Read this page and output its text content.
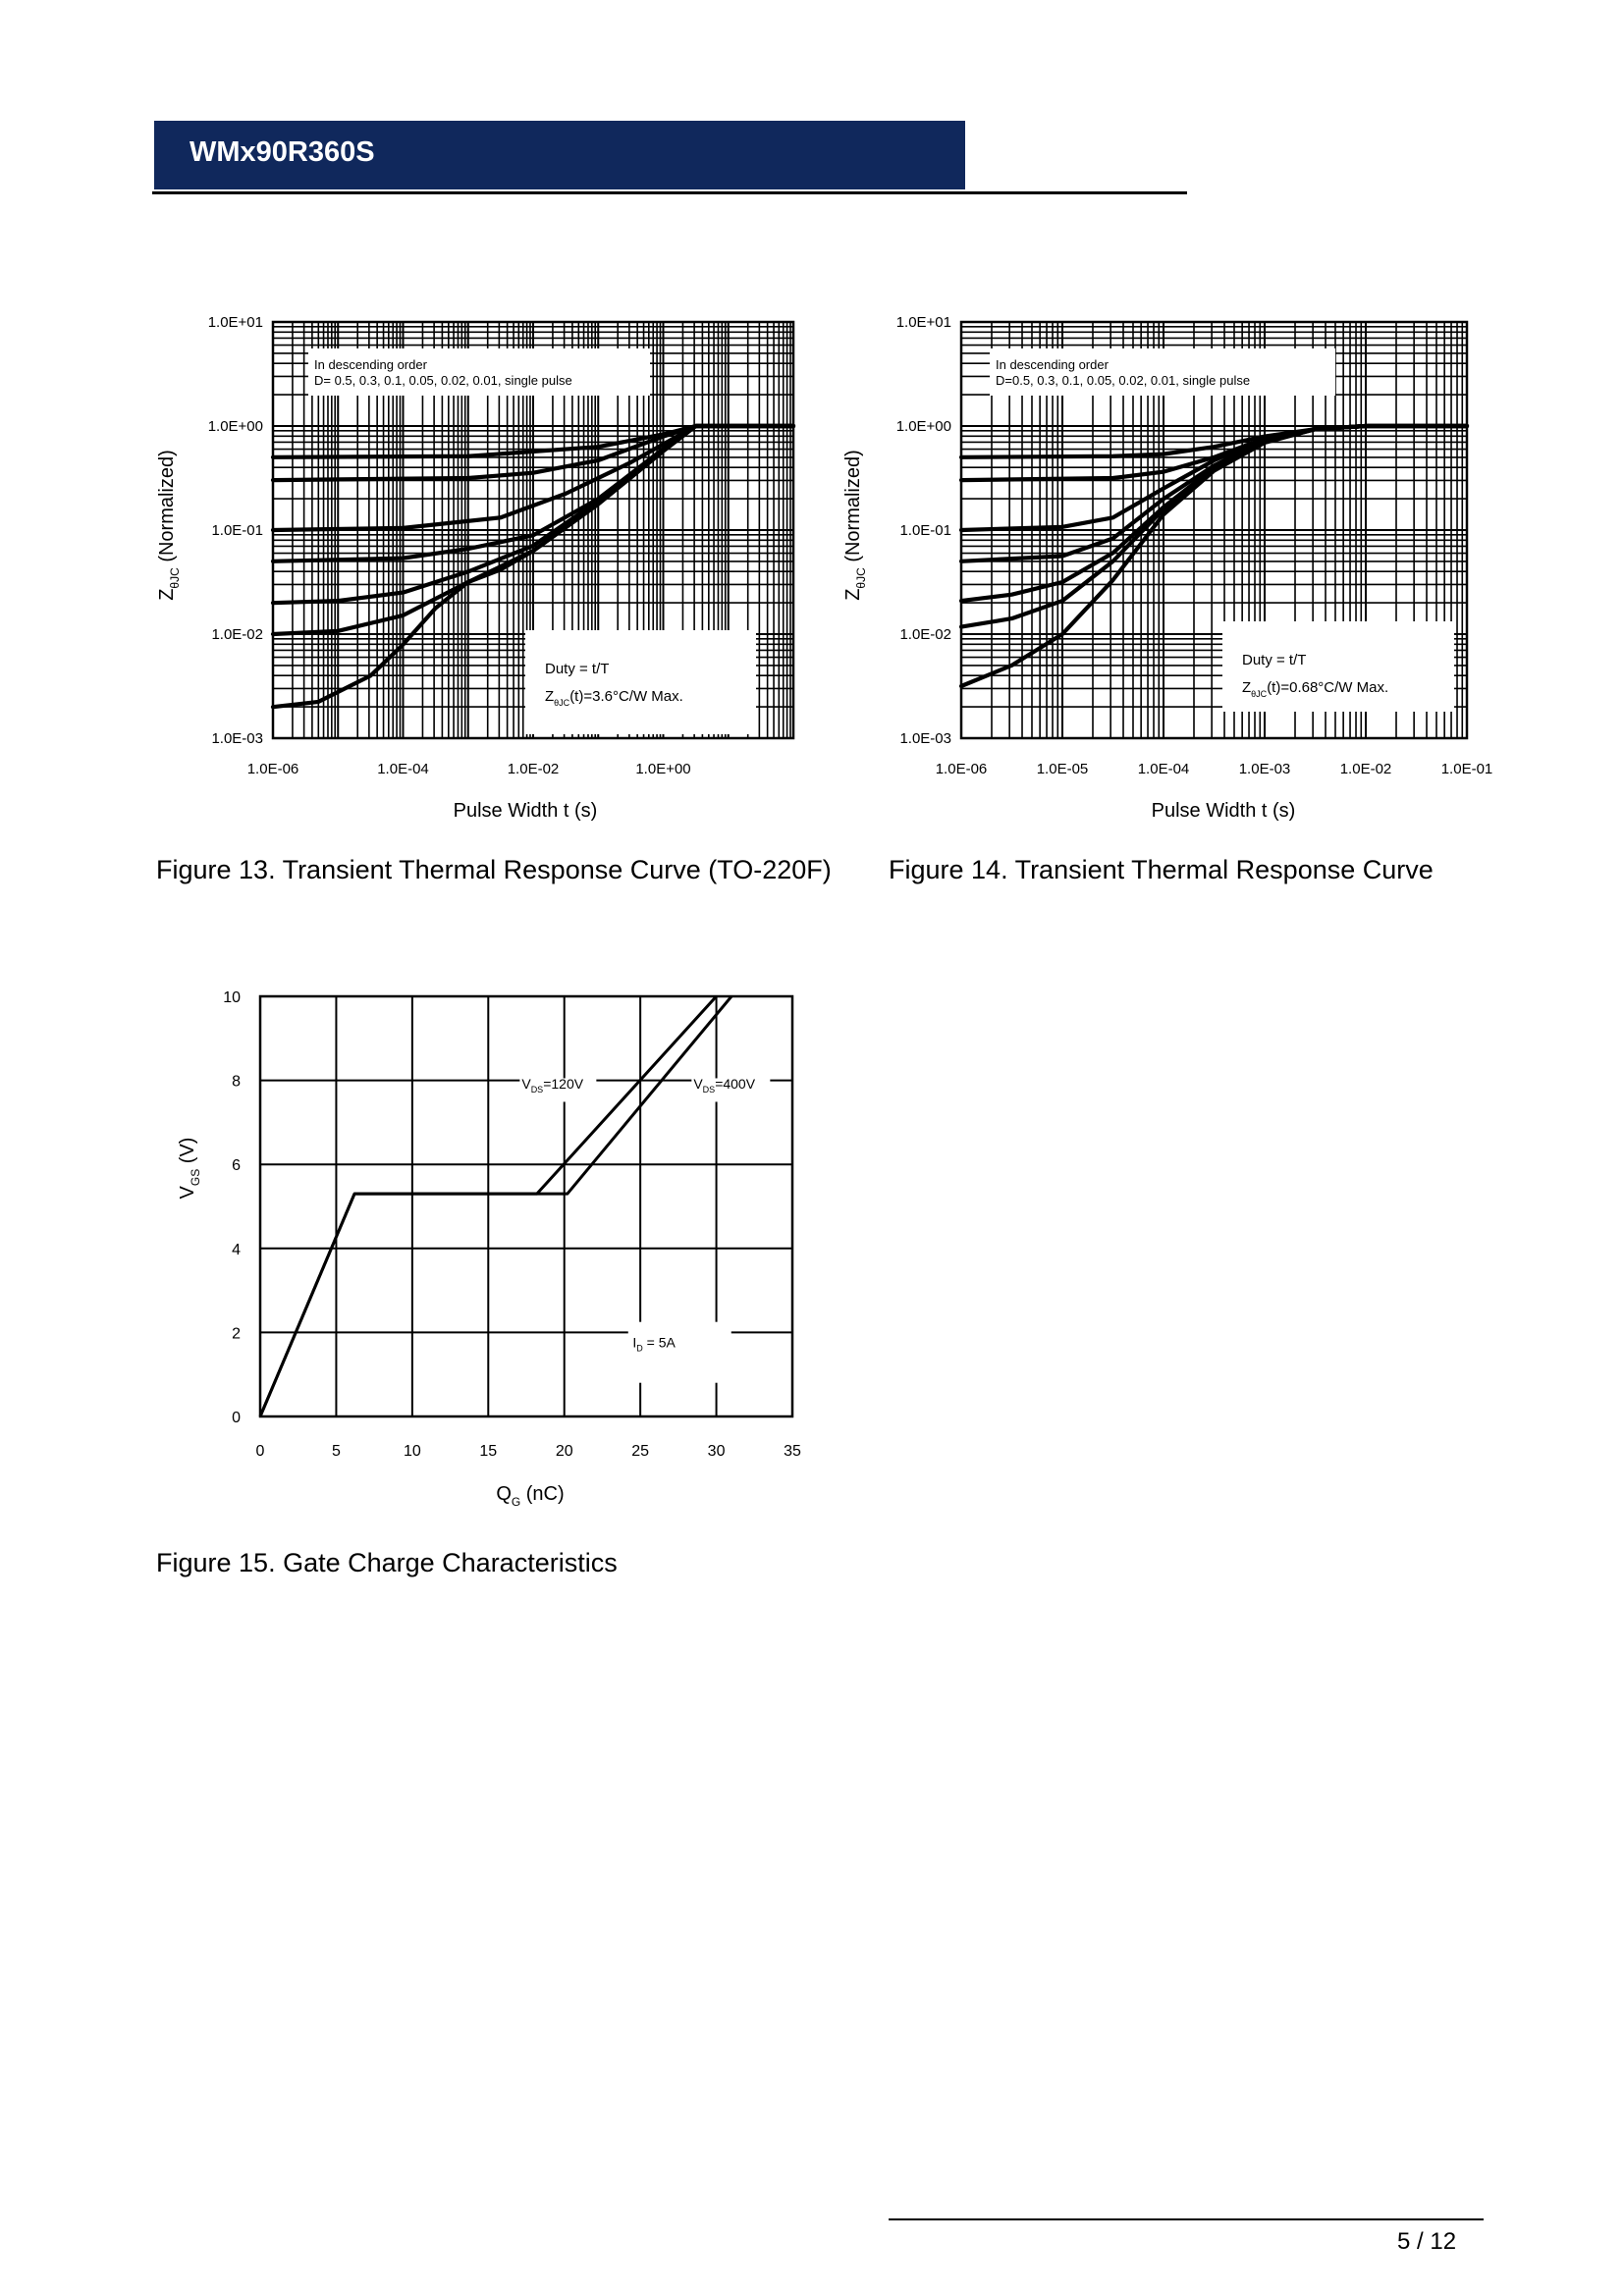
WMx90R360S
In descending order
D= 0.5, 0.3, 0.1, 0.05, 0.02, 0.01, single pulse
Duty = t/T
$Z_{\theta JC}(t)=3.6^\circ C/W$ Max.
1.0E+01
1.0E+00
1.0E-01
1.0E-02
1.0E-03
1.0E-06	1.0E-04	1.0E-02	1.0E+00
Pulse Width t (s)
$Z_{\theta JC}$ (Normalized)
In descending order
D=0.5, 0.3, 0.1, 0.05, 0.02, 0.01, single pulse
Duty = t/T
$Z_{\theta JC}(t)=0.68^\circ C/W$ Max.
1.0E+01
1.0E+00
1.0E-01
1.0E-02
1.0E-03
1.0E-06	1.0E-05	1.0E-04	1.0E-03	1.0E-02	1.0E-01
Pulse Width t (s)
$Z_{\theta JC}$ (Normalized)
$V_{DS}=120V$	$V_{DS}=400V$
$I_D = 5A$
0
2
4
6
8
10
0	5	10	15	20	25	30	35
$Q_G$ (nC)
$V_{GS}$ (V)
Figure 13. Transient Thermal Response Curve (TO-220F) Figure 14. Transient Thermal Response Curve
Figure 15. Gate Charge Characteristics
5 / 12
